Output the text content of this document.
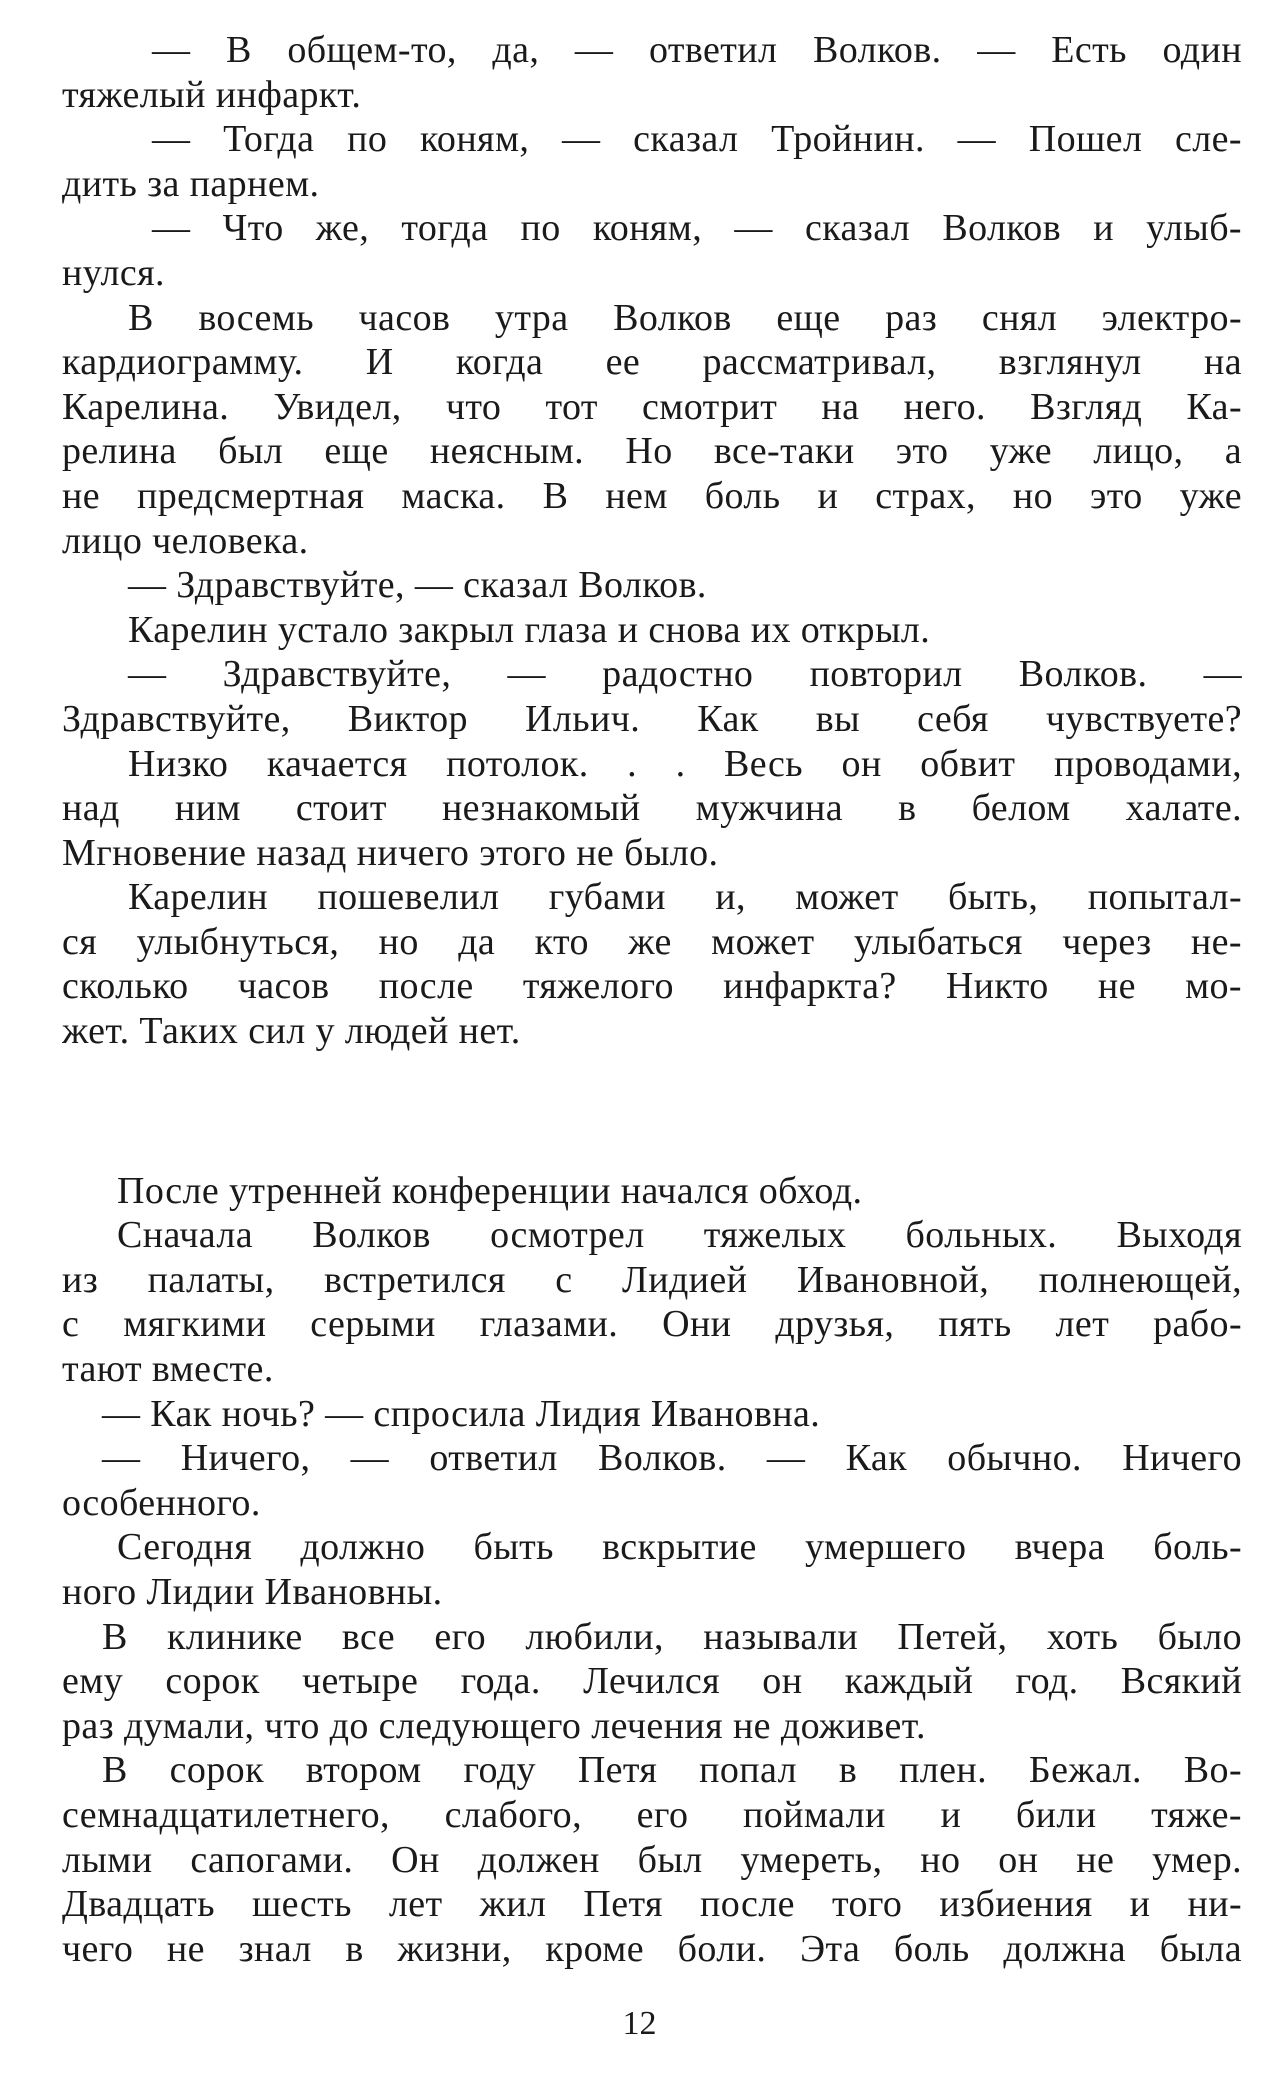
— В общем-то, да, — ответил Волков. — Есть один
тяжелый инфаркт.
— Тогда по коням, — сказал Тройнин. — Пошел сле-
дить за парнем.
— Что же, тогда по коням, — сказал Волков и улыб-
нулся.
В восемь часов утра Волков еще раз снял электро-
кардиограмму. И когда ее рассматривал, взглянул на
Карелина. Увидел, что тот смотрит на него. Взгляд Ка-
релина был еще неясным. Но все-таки это уже лицо, а
не предсмертная маска. В нем боль и страх, но это уже
лицо человека.
— Здравствуйте, — сказал Волков.
Карелин устало закрыл глаза и снова их открыл.
— Здравствуйте, — радостно повторил Волков. —
Здравствуйте, Виктор Ильич. Как вы себя чувствуете?
Низко качается потолок. . . Весь он обвит проводами,
над ним стоит незнакомый мужчина в белом халате.
Мгновение назад ничего этого не было.
Карелин пошевелил губами и, может быть, попытал-
ся улыбнуться, но да кто же может улыбаться через не-
сколько часов после тяжелого инфаркта? Никто не мо-
жет. Таких сил у людей нет.
После утренней конференции начался обход.
Сначала Волков осмотрел тяжелых больных. Выходя
из палаты, встретился с Лидией Ивановной, полнеющей,
с мягкими серыми глазами. Они друзья, пять лет рабо-
тают вместе.
— Как ночь? — спросила Лидия Ивановна.
— Ничего, — ответил Волков. — Как обычно. Ничего
особенного.
Сегодня должно быть вскрытие умершего вчера боль-
ного Лидии Ивановны.
В клинике все его любили, называли Петей, хоть было
ему сорок четыре года. Лечился он каждый год. Всякий
раз думали, что до следующего лечения не доживет.
В сорок втором году Петя попал в плен. Бежал. Во-
семнадцатилетнего, слабого, его поймали и били тяже-
лыми сапогами. Он должен был умереть, но он не умер.
Двадцать шесть лет жил Петя после того избиения и ни-
чего не знал в жизни, кроме боли. Эта боль должна была
12
